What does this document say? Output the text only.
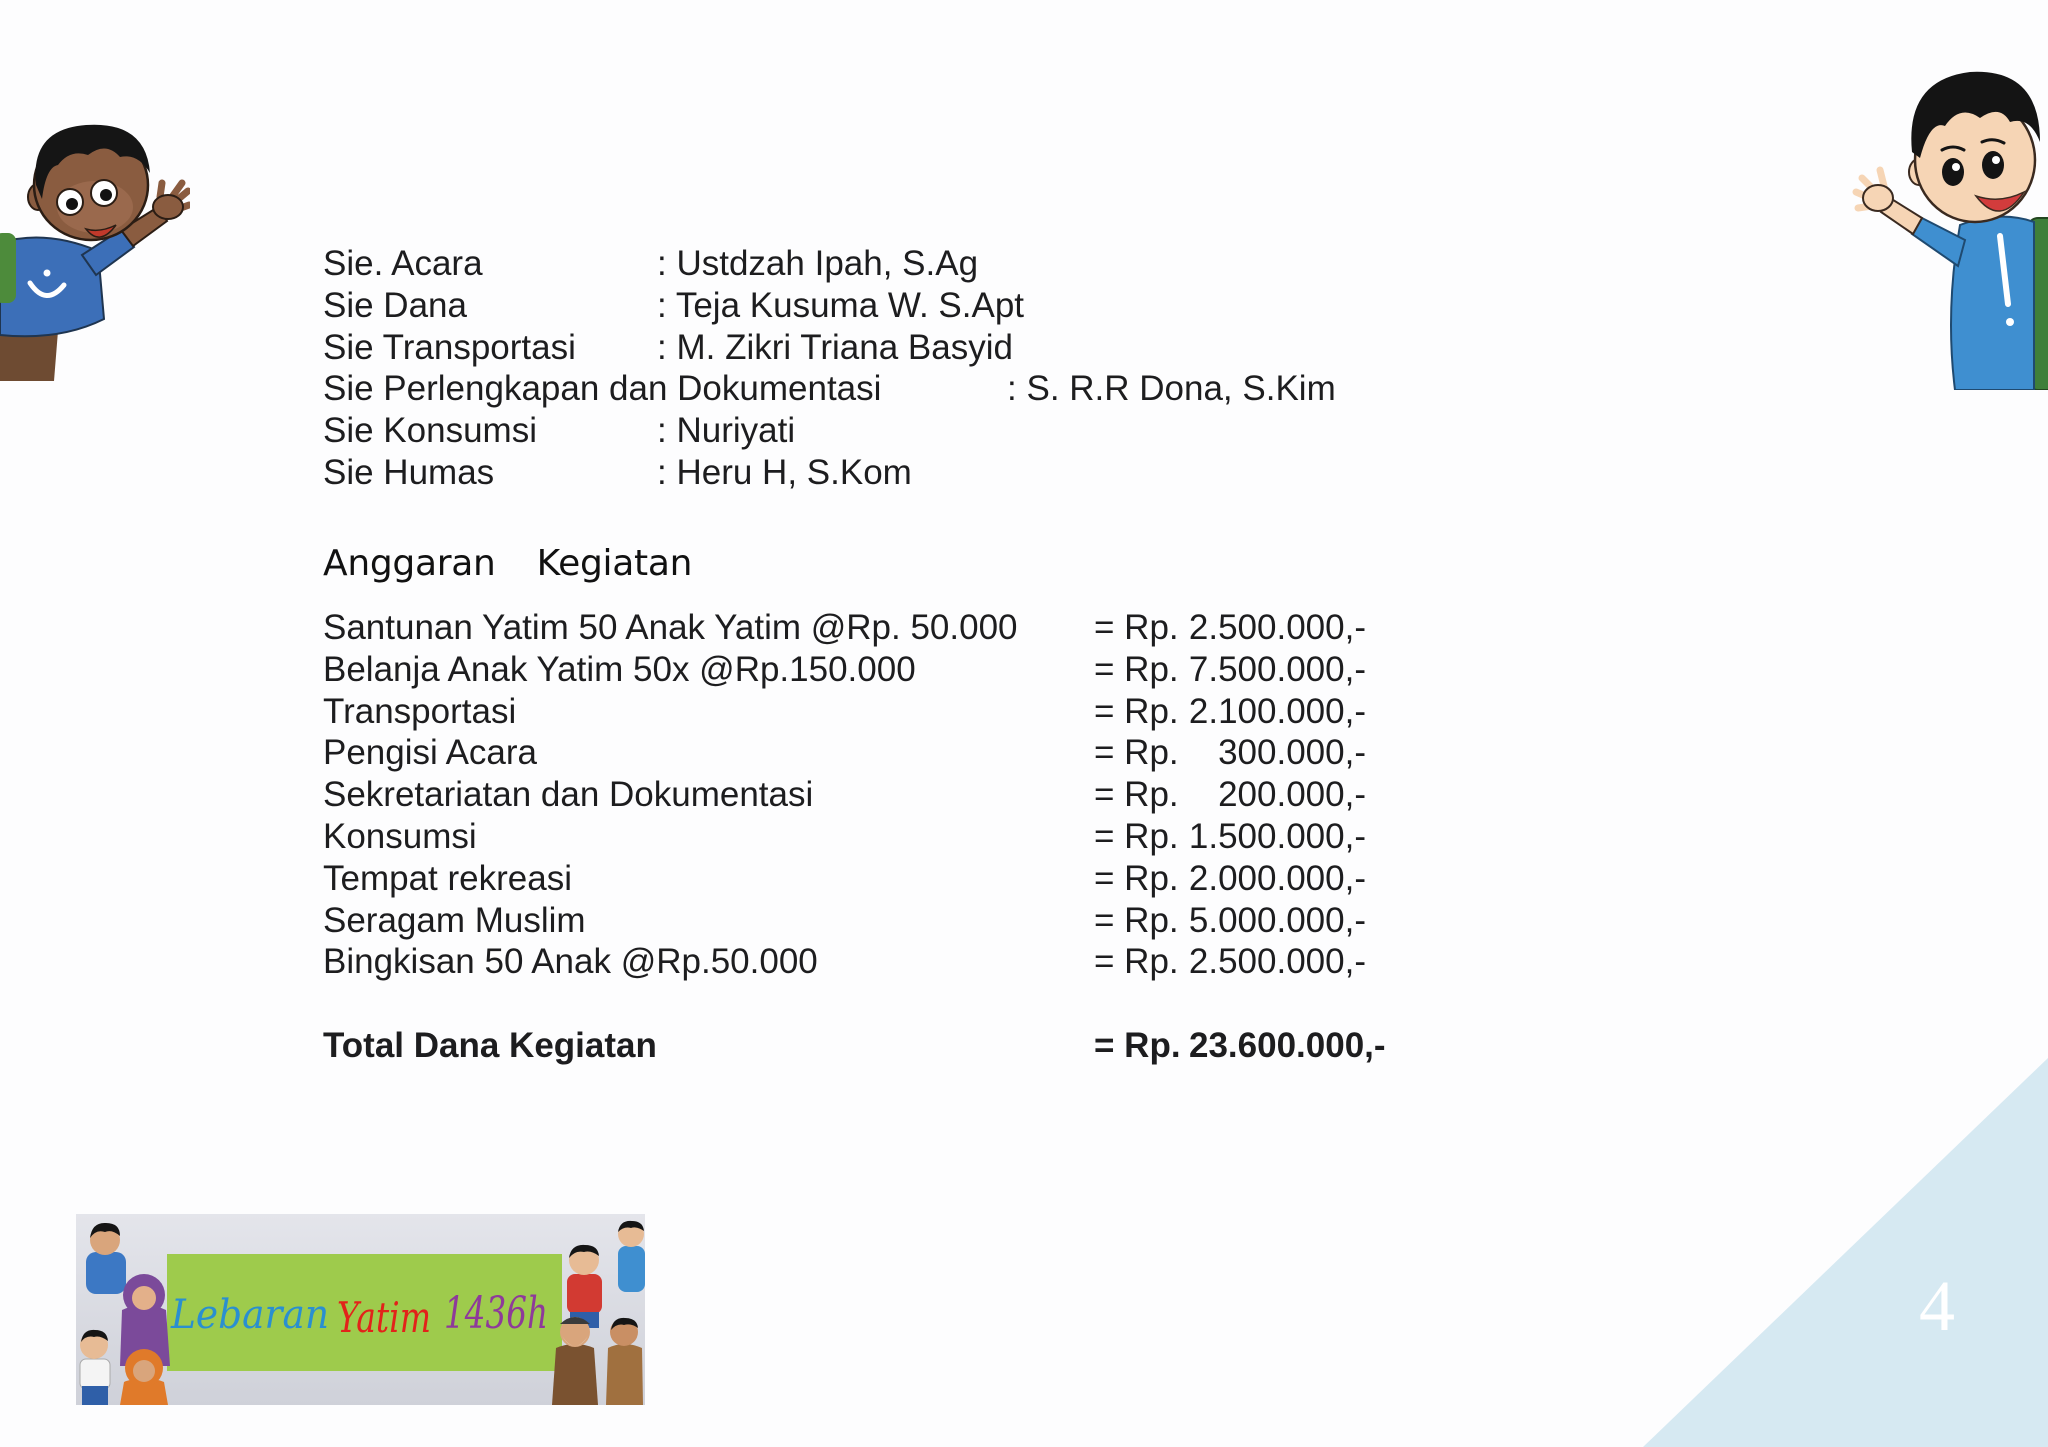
4
Sie. Acara	: Ustdzah Ipah, S.Ag
Sie Dana	: Teja Kusuma W. S.Apt
Sie Transportasi : M. Zikri Triana Basyid
Sie Perlengkapan dan Dokumentasi	: S. R.R Dona, S.Kim
Sie Konsumsi	: Nuriyati
Sie Humas	: Heru H, S.Kom
Anggaran Kegiatan
Santunan Yatim 50 Anak Yatim @Rp. 50.000 = Rp. 2.500.000,-
Belanja Anak Yatim 50x @Rp.150.000	= Rp. 7.500.000,-
Transportasi	= Rp. 2.100.000,-
Pengisi Acara	= Rp.	300.000,-
Sekretariatan dan Dokumentasi	= Rp.	200.000,-
Konsumsi	= Rp. 1.500.000,-
Tempat rekreasi	= Rp. 2.000.000,-
Seragam Muslim	= Rp. 5.000.000,-
Bingkisan 50 Anak @Rp.50.000	= Rp. 2.500.000,-
Total Dana Kegiatan	= Rp. 23.600.000,-
Lebaran Yatim 1436h
